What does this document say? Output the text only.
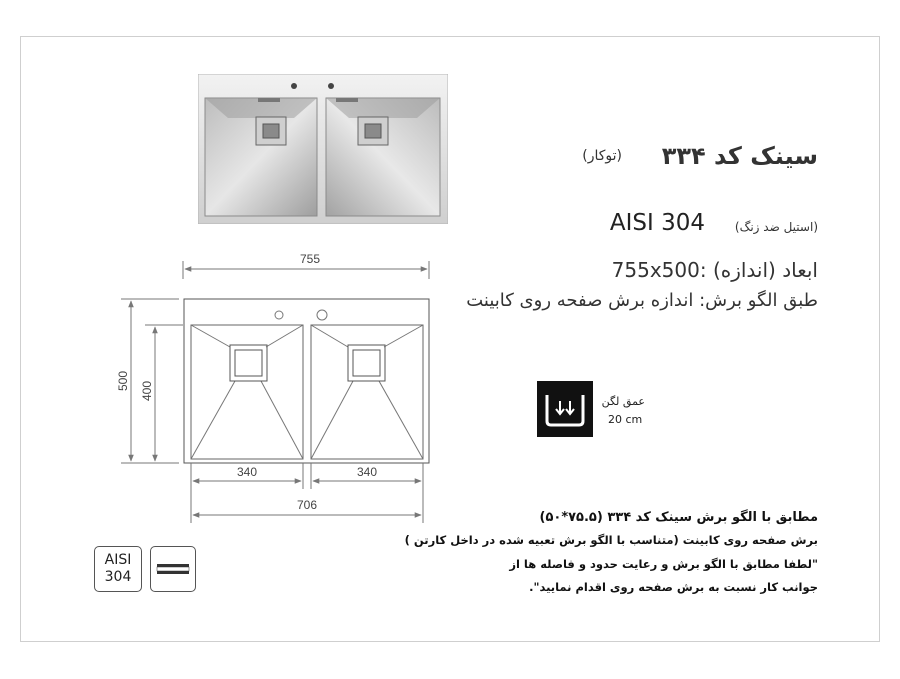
755
500 400
340	340
706
سینک کد ۳۳۴
(توکار)
AISI 304 (استیل ضد زنگ)
755x500: ابعاد (اندازه)
طبق الگو برش: اندازه برش صفحه روی کابینت
عمق لگن
20 cm
مطابق با الگو برش سینک کد ۳۳۴ (۷۵.۵*۵۰)
برش صفحه روی کابینت (متناسب با الگو برش تعبیه شده در داخل کارتن )
"لطفا مطابق با الگو برش و رعایت حدود و فاصله ها از
جوانب کار نسبت به برش صفحه روی اقدام نمایید".
AISI
304
